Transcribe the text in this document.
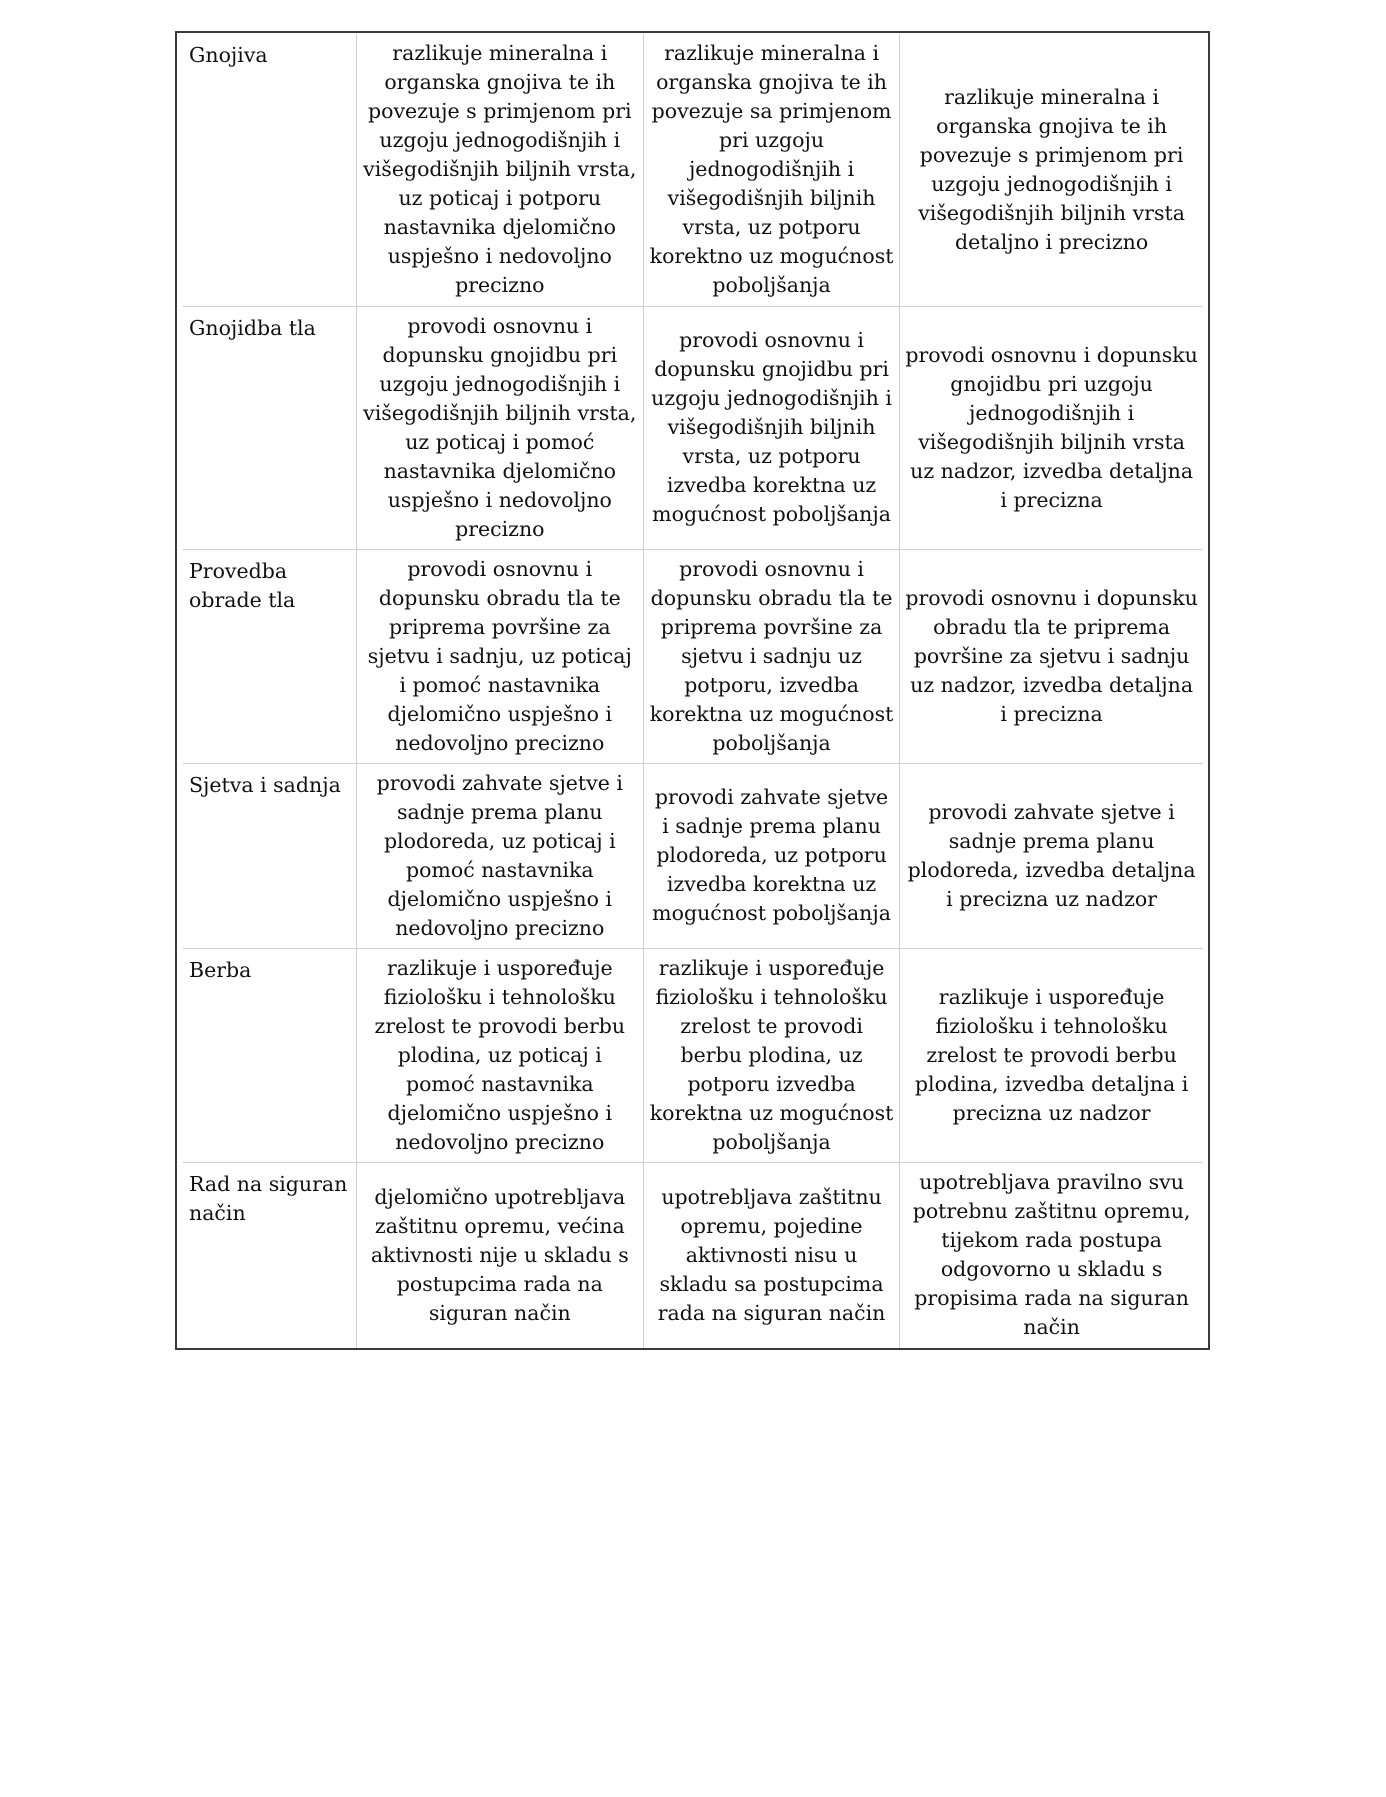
Gnojiva	razlikuje mineralna i organska gnojiva te ih povezuje s primjenom pri uzgoju jednogodišnjih i višegodišnjih biljnih vrsta, uz poticaj i potporu nastavnika djelomično uspješno i nedovoljno precizno	razlikuje mineralna i organska gnojiva te ih povezuje sa primjenom pri uzgoju jednogodišnjih i višegodišnjih biljnih vrsta, uz potporu korektno uz mogućnost poboljšanja	razlikuje mineralna i organska gnojiva te ih povezuje s primjenom pri uzgoju jednogodišnjih i višegodišnjih biljnih vrsta detaljno i precizno
Gnojidba tla	provodi osnovnu i dopunsku gnojidbu pri uzgoju jednogodišnjih i višegodišnjih biljnih vrsta, uz poticaj i pomoć nastavnika djelomično uspješno i nedovoljno precizno	provodi osnovnu i dopunsku gnojidbu pri uzgoju jednogodišnjih i višegodišnjih biljnih vrsta, uz potporu izvedba korektna uz mogućnost poboljšanja	provodi osnovnu i dopunsku gnojidbu pri uzgoju jednogodišnjih i višegodišnjih biljnih vrsta uz nadzor, izvedba detaljna i precizna
Provedba obrade tla	provodi osnovnu i dopunsku obradu tla te pripremа površine za sjetvu i sadnju, uz poticaj i pomoć nastavnika djelomično uspješno i nedovoljno precizno	provodi osnovnu i dopunsku obradu tla te priprema površine za sjetvu i sadnju uz potporu, izvedba korektna uz mogućnost poboljšanja	provodi osnovnu i dopunsku obradu tla te priprema površine za sjetvu i sadnju uz nadzor, izvedba detaljna i precizna
Sjetva i sadnja	provodi zahvate sjetve i sadnje prema planu plodoreda, uz poticaj i pomoć nastavnika djelomično uspješno i nedovoljno precizno	provodi zahvate sjetve i sadnje prema planu plodoreda, uz potporu izvedba korektna uz mogućnost poboljšanja	provodi zahvate sjetve i sadnje prema planu plodoreda, izvedba detaljna i precizna uz nadzor
Berba	razlikuje i uspoređuje fiziološku i tehnološku zrelost te provodi berbu plodina, uz poticaj i pomoć nastavnika djelomično uspješno i nedovoljno precizno	razlikuje i uspoređuje fiziološku i tehnološku zrelost te provodi berbu plodina, uz potporu izvedba korektna uz mogućnost poboljšanja	razlikuje i uspoređuje fiziološku i tehnološku zrelost te provodi berbu plodina, izvedba detaljna i precizna uz nadzor
Rad na siguran način	djelomično upotrebljava zaštitnu opremu, većina aktivnosti nije u skladu s postupcima rada na siguran način	upotrebljava zaštitnu opremu, pojedine aktivnosti nisu u skladu sa postupcima rada na siguran način	upotrebljava pravilno svu potrebnu zaštitnu opremu, tijekom rada postupa odgovorno u skladu s propisima rada na siguran način
